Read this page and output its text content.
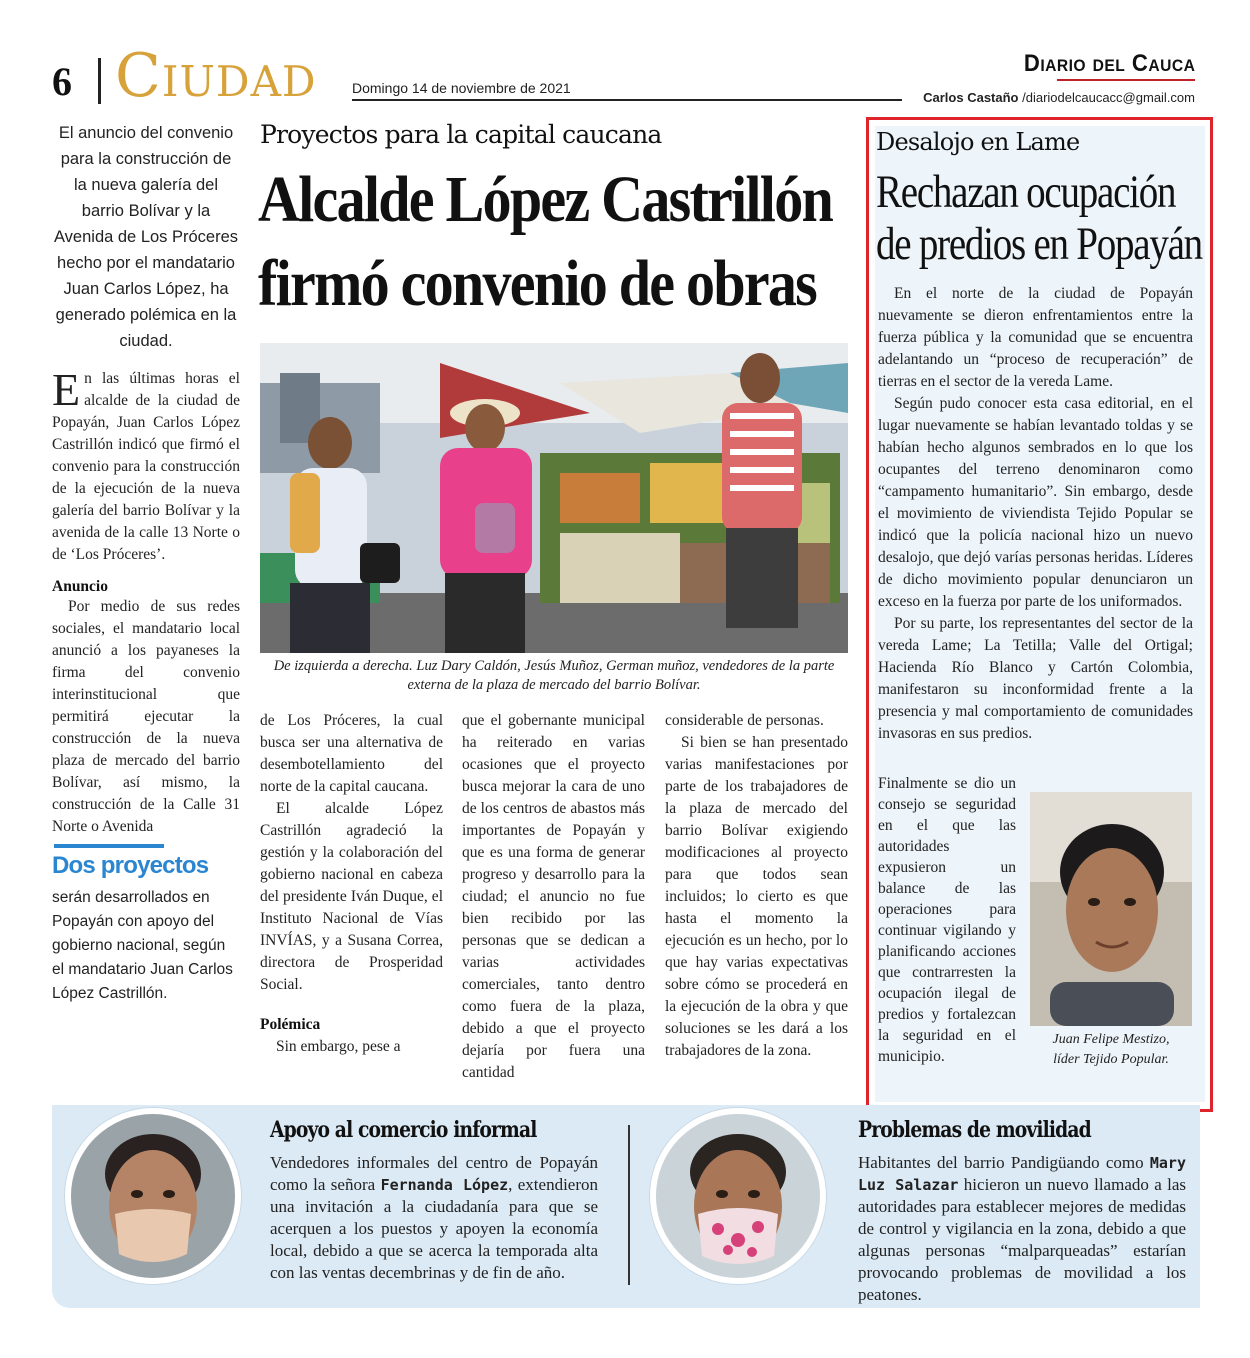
6 Ciudad	Domingo 14 de noviembre de 2021
Diario del Cauca
Carlos Castaño /diariodelcaucacc@gmail.com

El anuncio del convenio para la construcción de la nueva galería del barrio Bolívar y la Avenida de Los Próceres hecho por el mandatario Juan Carlos López, ha generado polémica en la ciudad.

En las últimas horas el alcalde de la ciudad de Popayán, Juan Carlos López Castrillón indicó que firmó el convenio para la construcción de la ejecución de la nueva galería del barrio Bolívar y la avenida de la calle 13 Norte o de ‘Los Próceres’.

Anuncio

Por medio de sus redes sociales, el mandatario local anunció a los payaneses la firma del convenio interinstitucional que permitirá ejecutar la construcción de la nueva plaza de mercado del barrio Bolívar, así mismo, la construcción de la Calle 31 Norte o Avenida

Dos proyectos

serán desarrollados en Popayán con apoyo del gobierno nacional, según el mandatario Juan Carlos López Castrillón.

Proyectos para la capital caucana
Alcalde López Castrillón
firmó convenio de obras
De izquierda a derecha. Luz Dary Caldón, Jesús Muñoz, German muñoz, vendedores de la parte externa de la plaza de mercado del barrio Bolívar.

de Los Próceres, la cual busca ser una alternativa de desembotellamiento del norte de la capital caucana.

El alcalde López Castrillón agradeció la gestión y la colaboración del gobierno nacional en cabeza del presidente Iván Duque, el Instituto Nacional de Vías INVÍAS, y a Susana Correa, directora de Prosperidad Social.

Polémica

Sin embargo, pese a

que el gobernante municipal ha reiterado en varias ocasiones que el proyecto busca mejorar la cara de uno de los centros de abastos más importantes de Popayán y que es una forma de generar progreso y desarrollo para la ciudad; el anuncio no fue bien recibido por las personas que se dedican a varias actividades comerciales, tanto dentro como fuera de la plaza, debido a que el proyecto dejaría por fuera una cantidad

considerable de personas.

Si bien se han presentado varias manifestaciones por parte de los trabajadores de la plaza de mercado del barrio Bolívar exigiendo modificaciones al proyecto para que todos sean incluidos; lo cierto es que hasta el momento la ejecución es un hecho, por lo que hay varias expectativas sobre cómo se procederá en la ejecución de la obra y que soluciones se les dará a los trabajadores de la zona.

Desalojo en Lame
Rechazan ocupación
de predios en Popayán

En el norte de la ciudad de Popayán nuevamente se dieron enfrentamientos entre la fuerza pública y la comunidad que se encuentra adelantando un “proceso de recuperación” de tierras en el sector de la vereda Lame.

Según pudo conocer esta casa editorial, en el lugar nuevamente se habían levantado toldas y se habían hecho algunos sembrados en lo que los ocupantes del terreno denominaron como “campamento humanitario”. Sin embargo, desde el movimiento de viviendista Tejido Popular se indicó que la policía nacional hizo un nuevo desalojo, que dejó varías personas heridas. Líderes de dicho movimiento popular denunciaron un exceso en la fuerza por parte de los uniformados.

Por su parte, los representantes del sector de la vereda Lame; La Tetilla; Valle del Ortigal; Hacienda Río Blanco y Cartón Colombia, manifestaron su inconformidad frente a la presencia y mal comportamiento de comunidades invasoras en sus predios.

Finalmente se dio un consejo se seguridad en el que las autoridades expusieron un balance de las operaciones para continuar vigilando y planificando acciones que contrarresten la ocupación ilegal de predios y fortalezcan la seguridad en el municipio.
Juan Felipe Mestizo,
líder Tejido Popular.
Apoyo al comercio informal

Vendedores informales del centro de Popayán como la señora Fernanda López, extendieron una invitación a la ciudadanía para que se acerquen a los puestos y apoyen la economía local, debido a que se acerca la temporada alta con las ventas decembrinas y de fin de año.

Problemas de movilidad

Habitantes del barrio Pandigüando como Mary Luz Salazar hicieron un nuevo llamado a las autoridades para establecer mejores de medidas de control y vigilancia en la zona, debido a que algunas personas “malparqueadas” estarían provocando problemas de movilidad a los peatones.
